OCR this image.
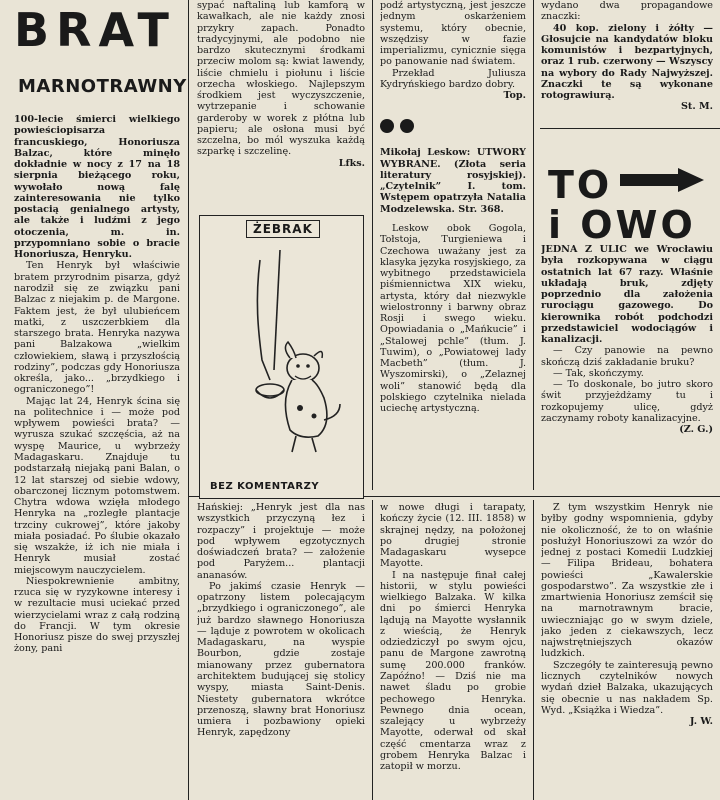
BRAT
MARNOTRAWNY

100-lecie śmierci wielkiego powieściopisarza francuskiego, Honoriusza Balzac, które minęło dokładnie w nocy z 17 na 18 sierpnia bieżącego roku, wywołało nową falę zainteresowania nie tylko postacią genialnego artysty, ale także i ludźmi z jego otoczenia, m. in. przypomniano sobie o bracie Honoriusza, Henryku.

Ten Henryk był właściwie bratem przyrodnim pisarza, gdyż narodził się ze związku pani Balzac z niejakim p. de Margone. Faktem jest, że był ulubieńcem matki, z uszczerbkiem dla starszego brata. Henryka nazywa pani Balzakowa „wielkim człowiekiem, sławą i przyszłością rodziny”, podczas gdy Honoriusza określa, jako... „brzydkiego i ograniczonego”!

Mając lat 24, Henryk ścina się na politechnice i — może pod wpływem powieści brata? — wyrusza szukać szczęścia, aż na wyspę Maurice, u wybrzeży Madagaskaru. Znajduje tu podstarzałą niejaką pani Balan, o 12 lat starszej od siebie wdowy, obarczonej licznym potomstwem. Chytra wdowa wzięła młodego Henryka na „rozległe plantacje trzciny cukrowej”, które jakoby miała posiadać. Po ślubie okazało się wszakże, iż ich nie miała i Henryk musiał zostać miejscowym nauczycielem.

Niespokrewnienie ambitny, rzuca się w ryzykowne interesy i w rezultacie musi uciekać przed wierzycielami wraz z całą rodziną do Francji. W tym okresie Honoriusz pisze do swej przyszłej żony, pani

sypać naftaliną lub kamforą w kawałkach, ale nie każdy znosi przykry zapach. Ponadto tradycyjnymi, ale podobno nie bardzo skutecznymi środkami przeciw molom są: kwiat lawendy, liście chmielu i piołunu i liście orzecha włoskiego. Najlepszym środkiem jest wyczyszczenie, wytrzepanie i schowanie garderoby w worek z płótna lub papieru; ale osłona musi być szczelna, bo mól wyszuka każdą szparkę i szczelinę.

Lfks.
ŻEBRAK
BEZ KOMENTARZY

podź artystyczną, jest jeszcze jednym oskarżeniem systemu, który obecnie, wszędzisy w fazie imperializmu, cynicznie sięga po panowanie nad światem.

Przekład Juliusza Kydryńskiego bardzo dobry.

Top.

Mikołaj Leskow: UTWORY WYBRANE. (Złota seria literatury rosyjskiej). „Czytelnik” I. tom. Wstępem opatrzyła Natalia Modzelewska. Str. 368.

Leskow obok Gogola, Tołstoja, Turgieniewa i Czechowa uważany jest za klasyka języka rosyjskiego, za wybitnego przedstawiciela piśmiennictwa XIX wieku, artysta, który dał niezwykle wielostronny i barwny obraz Rosji i swego wieku. Opowiadania o „Mańkucie” i „Stalowej pchle” (tłum. J. Tuwim), o „Powiatowej lady Macbeth” (tłum. J. Wyszomirski), o „Zelaznej woli” stanowić będą dla polskiego czytelnika nielada uciechę artystyczną.

wydano dwa propagandowe znaczki:

40 kop. zielony i żółty — Głosujcie na kandydatów bloku komunistów i bezpartyjnych, oraz 1 rub. czerwony — Wszyscy na wybory do Rady Najwyższej. Znaczki te są wykonane rotograwiurą.

St. M.
TO
i OWO

JEDNA Z ULIC we Wrocławiu była rozkopywana w ciągu ostatnich lat 67 razy. Właśnie układają bruk, zdjęty poprzednio dla założenia rurociągu gazowego. Do kierownika robót podchodzi przedstawiciel wodociągów i kanalizacji.

— Czy panowie na pewno skończą dziś zakładanie bruku?

— Tak, skończymy.

— To doskonale, bo jutro skoro świt przyjeżdżamy tu i rozkopujemy ulicę, gdyż zaczynamy roboty kanalizacyjne.

(Z. G.)

Hańskiej: „Henryk jest dla nas wszystkich przyczyną łez i rozpaczy” i projektuje — może pod wpływem egzotycznych doświadczeń brata? — założenie pod Paryżem... plantacji ananasów.

Po jakimś czasie Henryk — opatrzony listem polecającym „brzydkiego i ograniczonego”, ale już bardzo sławnego Honoriusza — ląduje z powrotem w okolicach Madagaskaru, na wyspie Bourbon, gdzie zostaje mianowany przez gubernatora architektem budującej się stolicy wyspy, miasta Saint-Denis. Niestety gubernatora wkrótce przenoszą, sławny brat Honoriusz umiera i pozbawiony opieki Henryk, zapędzony

w nowe długi i tarapaty, kończy życie (12. III. 1858) w skrajnej nędzy, na położonej po drugiej stronie Madagaskaru wysepce Mayotte.

I na następuje finał całej historii, w stylu powieści wielkiego Balzaka. W kilka dni po śmierci Henryka lądują na Mayotte wysłannik z wieścią, że Henryk odziedziczył po swym ojcu, panu de Margone zawrotną sumę 200.000 franków. Zapóźno! — Dziś nie ma nawet śladu po grobie pechowego Henryka. Pewnego dnia ocean, szalejący u wybrzeży Mayotte, oderwał od skał część cmentarza wraz z grobem Henryka Balzac i zatopił w morzu.

Z tym wszystkim Henryk nie byłby godny wspomnienia, gdyby nie okoliczność, że to on właśnie posłużył Honoriuszowi za wzór do jednej z postaci Komedii Ludzkiej — Filipa Brideau, bohatera powieści „Kawalerskie gospodarstwo”. Za wszystkie złe i zmartwienia Honoriusz zemścił się na marnotrawnym bracie, uwieczniając go w swym dziele, jako jeden z ciekawszych, lecz najwstrętniejszych okazów ludzkich.

Szczegóły te zainteresują pewno licznych czytelników nowych wydań dzieł Balzaka, ukazujących się obecnie u nas nakładem Sp. Wyd. „Książka i Wiedza”.

J. W.
